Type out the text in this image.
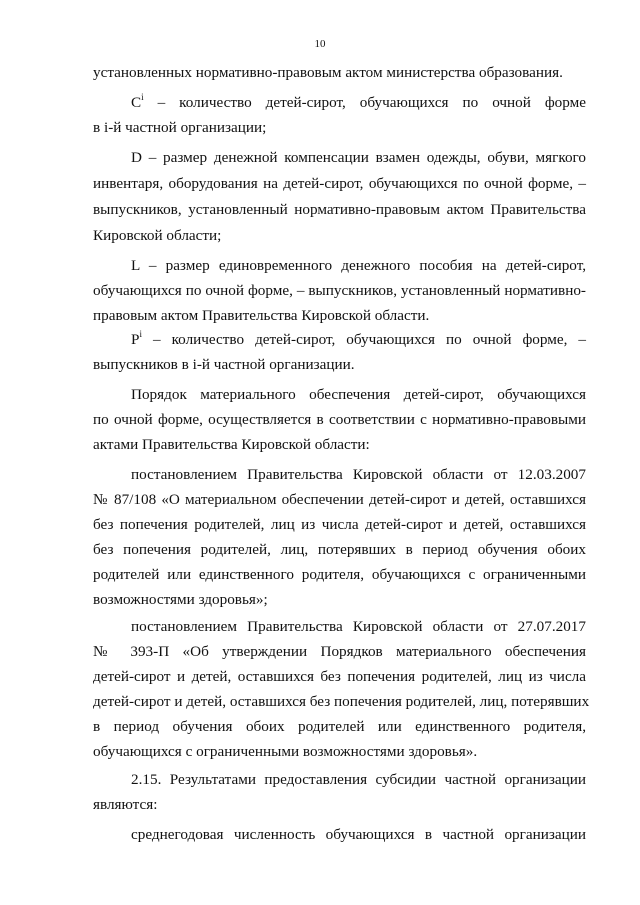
10
установленных нормативно-правовым актом министерства образования.
$C^i$ – количество детей-сирот, обучающихся по очной форме
в i-й частной организации;
D – размер денежной компенсации взамен одежды, обуви, мягкого
инвентаря, оборудования на детей-сирот, обучающихся по очной форме, –
выпускников, установленный нормативно-правовым актом Правительства
Кировской области;
L – размер единовременного денежного пособия на детей-сирот,
обучающихся по очной форме, – выпускников, установленный нормативно-
правовым актом Правительства Кировской области.
$P^i$ – количество детей-сирот, обучающихся по очной форме, –
выпускников в i-й частной организации.
Порядок материального обеспечения детей-сирот, обучающихся
по очной форме, осуществляется в соответствии с нормативно-правовыми
актами Правительства Кировской области:
постановлением Правительства Кировской области от 12.03.2007
№ 87/108 «О материальном обеспечении детей-сирот и детей, оставшихся
без попечения родителей, лиц из числа детей-сирот и детей, оставшихся
без попечения родителей, лиц, потерявших в период обучения обоих
родителей или единственного родителя, обучающихся с ограниченными
возможностями здоровья»;
постановлением Правительства Кировской области от 27.07.2017
№ 393-П «Об утверждении Порядков материального обеспечения
детей-сирот и детей, оставшихся без попечения родителей, лиц из числа
детей-сирот и детей, оставшихся без попечения родителей, лиц, потерявших
в период обучения обоих родителей или единственного родителя,
обучающихся с ограниченными возможностями здоровья».
2.15. Результатами предоставления субсидии частной организации
являются:
среднегодовая численность обучающихся в частной организации
